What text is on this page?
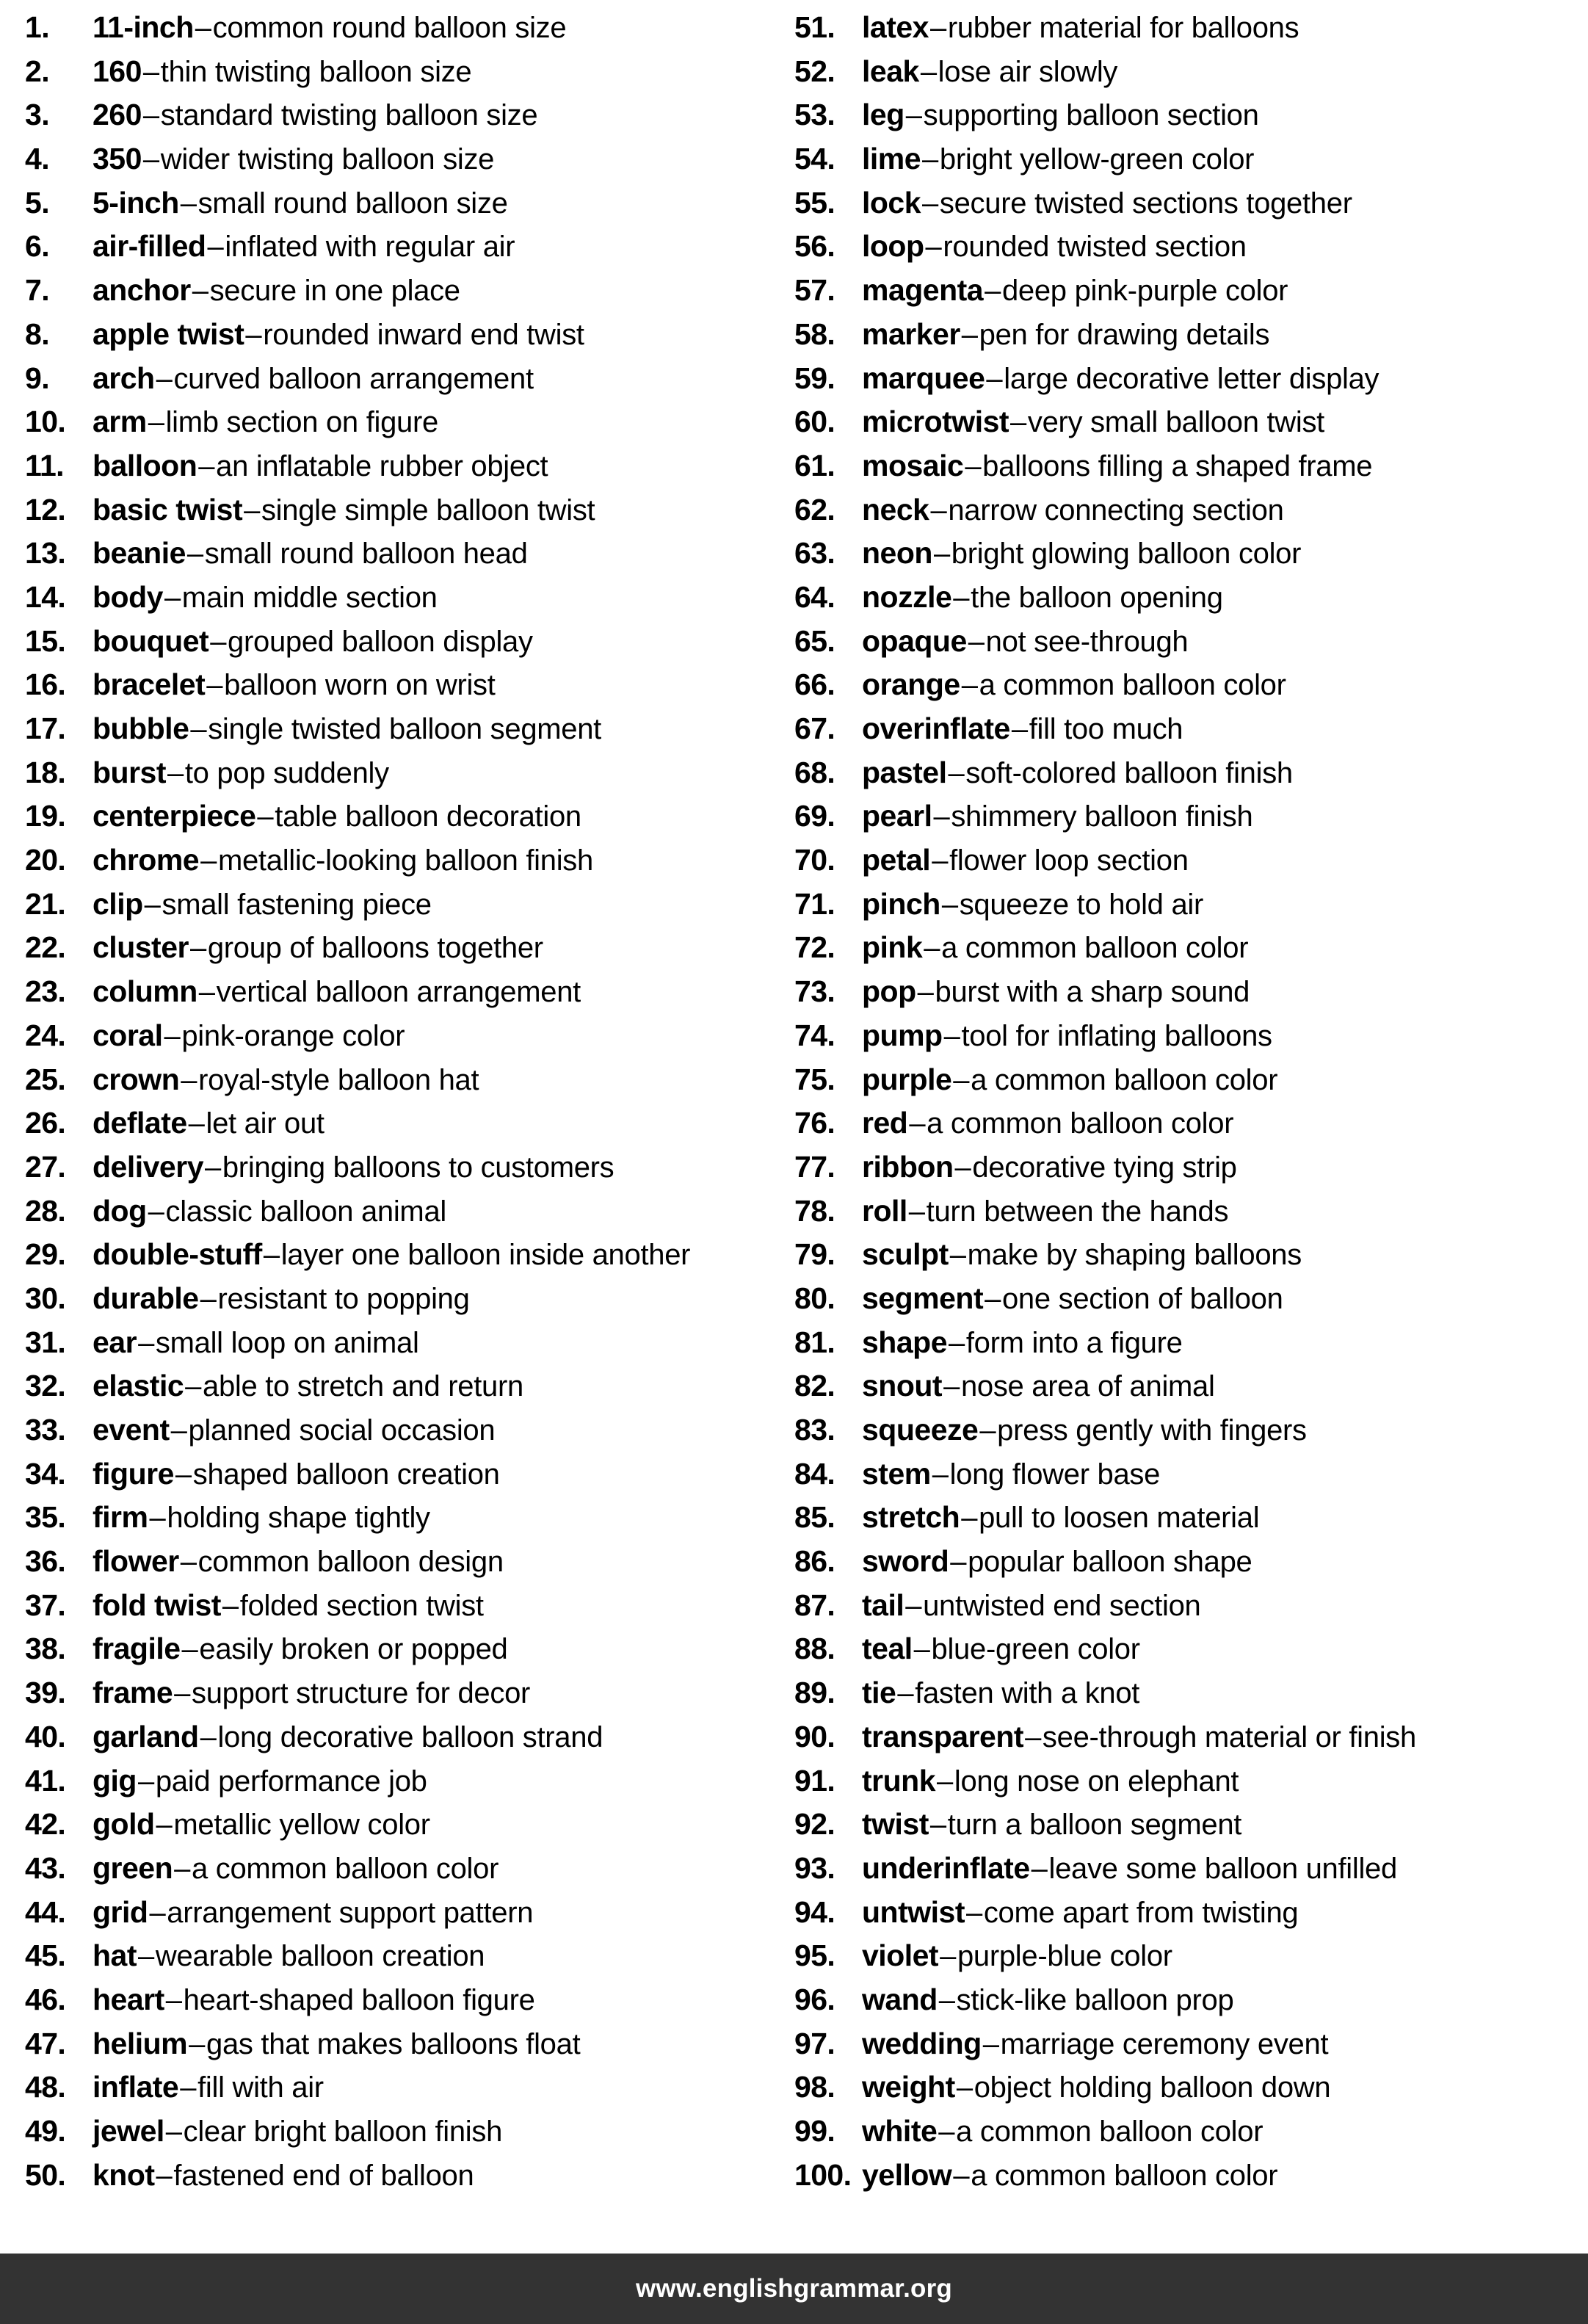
1.	11-inch – common round balloon size
2.	160 – thin twisting balloon size
3.	260 – standard twisting balloon size
4.	350 – wider twisting balloon size
5.	5-inch – small round balloon size
6.	air-filled – inflated with regular air
7.	anchor – secure in one place
8.	apple twist – rounded inward end twist
9.	arch – curved balloon arrangement
10. arm – limb section on figure
11. balloon – an inflatable rubber object
12. basic twist – single simple balloon twist
13. beanie – small round balloon head
14. body – main middle section
15. bouquet – grouped balloon display
16. bracelet – balloon worn on wrist
17. bubble – single twisted balloon segment
18. burst – to pop suddenly
19. centerpiece – table balloon decoration
20. chrome – metallic-looking balloon finish
21. clip – small fastening piece
22. cluster – group of balloons together
23. column – vertical balloon arrangement
24. coral – pink-orange color
25. crown – royal-style balloon hat
26. deflate – let air out
27. delivery – bringing balloons to customers
28. dog – classic balloon animal
29. double-stuff – layer one balloon inside another
30. durable – resistant to popping
31. ear – small loop on animal
32. elastic – able to stretch and return
33. event – planned social occasion
34. figure – shaped balloon creation
35. firm – holding shape tightly
36. flower – common balloon design
37. fold twist – folded section twist
38. fragile – easily broken or popped
39. frame – support structure for decor
40. garland – long decorative balloon strand
41. gig – paid performance job
42. gold – metallic yellow color
43. green – a common balloon color
44. grid – arrangement support pattern
45. hat – wearable balloon creation
46. heart – heart-shaped balloon figure
47. helium – gas that makes balloons float
48. inflate – fill with air
49. jewel – clear bright balloon finish
50. knot – fastened end of balloon
51. latex – rubber material for balloons
52. leak – lose air slowly
53. leg – supporting balloon section
54. lime – bright yellow-green color
55. lock – secure twisted sections together
56. loop – rounded twisted section
57. magenta – deep pink-purple color
58. marker – pen for drawing details
59. marquee – large decorative letter display
60. microtwist – very small balloon twist
61. mosaic – balloons filling a shaped frame
62. neck – narrow connecting section
63. neon – bright glowing balloon color
64. nozzle – the balloon opening
65. opaque – not see-through
66. orange – a common balloon color
67. overinflate – fill too much
68. pastel – soft-colored balloon finish
69. pearl – shimmery balloon finish
70. petal – flower loop section
71. pinch – squeeze to hold air
72. pink – a common balloon color
73. pop – burst with a sharp sound
74. pump – tool for inflating balloons
75. purple – a common balloon color
76. red – a common balloon color
77. ribbon – decorative tying strip
78. roll – turn between the hands
79. sculpt – make by shaping balloons
80. segment – one section of balloon
81. shape – form into a figure
82. snout – nose area of animal
83. squeeze – press gently with fingers
84. stem – long flower base
85. stretch – pull to loosen material
86. sword – popular balloon shape
87. tail – untwisted end section
88. teal – blue-green color
89. tie – fasten with a knot
90. transparent – see-through material or finish
91. trunk – long nose on elephant
92. twist – turn a balloon segment
93. underinflate – leave some balloon unfilled
94. untwist – come apart from twisting
95. violet – purple-blue color
96. wand – stick-like balloon prop
97. wedding – marriage ceremony event
98. weight – object holding balloon down
99. white – a common balloon color
100. yellow – a common balloon color
www.englishgrammar.org
